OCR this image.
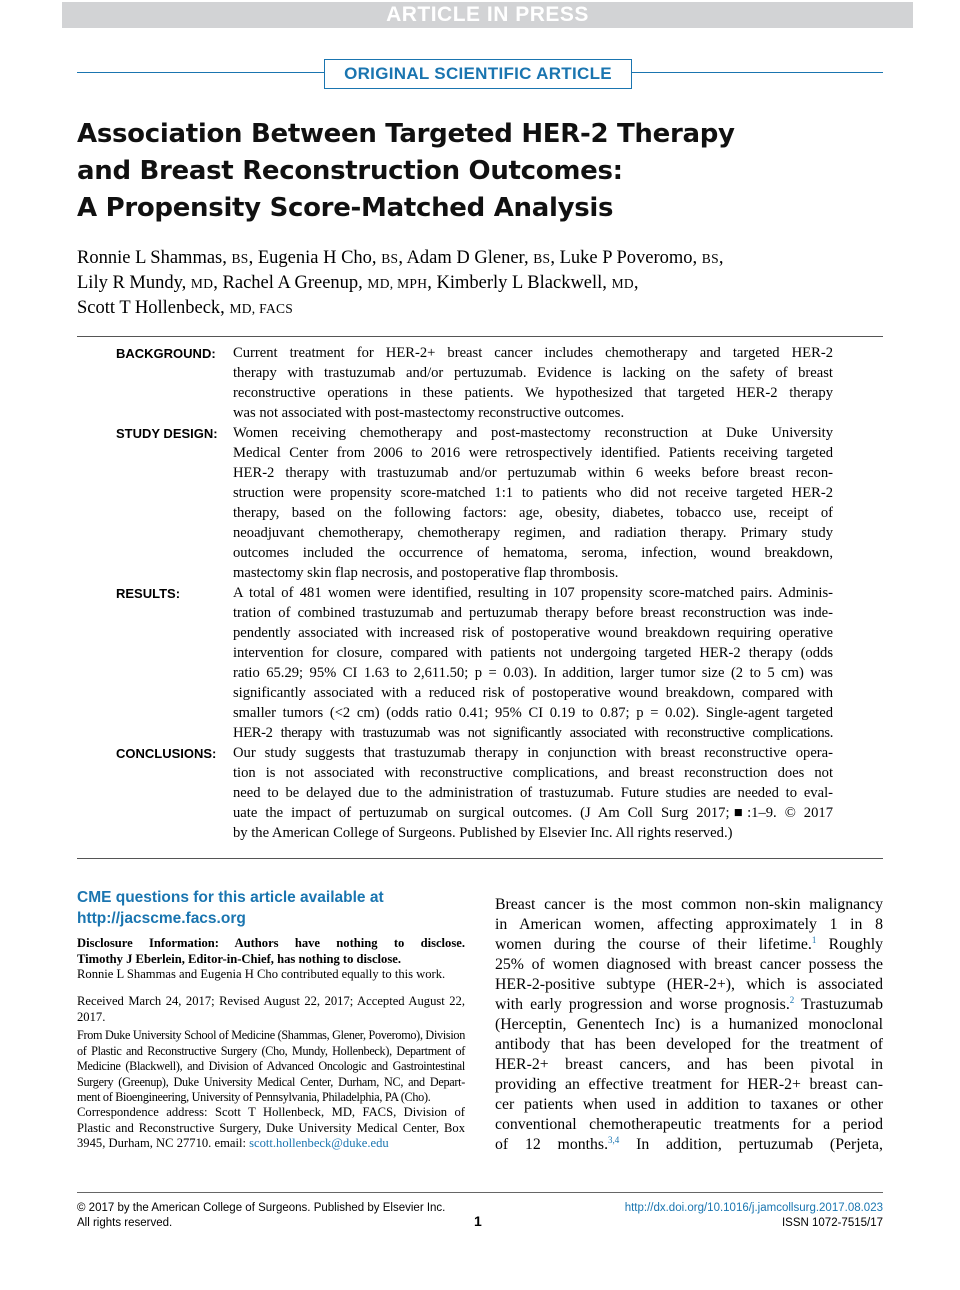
ARTICLE IN PRESS
ORIGINAL SCIENTIFIC ARTICLE
Association Between Targeted HER-2 Therapy
and Breast Reconstruction Outcomes:
A Propensity Score-Matched Analysis
Ronnie L Shammas, BS, Eugenia H Cho, BS, Adam D Glener, BS, Luke P Poveromo, BS,
Lily R Mundy, MD, Rachel A Greenup, MD, MPH, Kimberly L Blackwell, MD,
Scott T Hollenbeck, MD, FACS
BACKGROUND: Current treatment for HER-2+ breast cancer includes chemotherapy and targeted HER-2
therapy with trastuzumab and/or pertuzumab. Evidence is lacking on the safety of breast
reconstructive operations in these patients. We hypothesized that targeted HER-2 therapy
was not associated with post-mastectomy reconstructive outcomes.
STUDY DESIGN: Women receiving chemotherapy and post-mastectomy reconstruction at Duke University
Medical Center from 2006 to 2016 were retrospectively identified. Patients receiving targeted
HER-2 therapy with trastuzumab and/or pertuzumab within 6 weeks before breast recon-
struction were propensity score-matched 1:1 to patients who did not receive targeted HER-2
therapy, based on the following factors: age, obesity, diabetes, tobacco use, receipt of
neoadjuvant chemotherapy, chemotherapy regimen, and radiation therapy. Primary study
outcomes included the occurrence of hematoma, seroma, infection, wound breakdown,
mastectomy skin flap necrosis, and postoperative flap thrombosis.
RESULTS:	A total of 481 women were identified, resulting in 107 propensity score-matched pairs. Adminis-
tration of combined trastuzumab and pertuzumab therapy before breast reconstruction was inde-
pendently associated with increased risk of postoperative wound breakdown requiring operative
intervention for closure, compared with patients not undergoing targeted HER-2 therapy (odds
ratio 65.29; 95% CI 1.63 to 2,611.50; p = 0.03). In addition, larger tumor size (2 to 5 cm) was
significantly associated with a reduced risk of postoperative wound breakdown, compared with
smaller tumors (<2 cm) (odds ratio 0.41; 95% CI 0.19 to 0.87; p = 0.02). Single-agent targeted
HER-2 therapy with trastuzumab was not significantly associated with reconstructive complications.
CONCLUSIONS: Our study suggests that trastuzumab therapy in conjunction with breast reconstructive opera-
tion is not associated with reconstructive complications, and breast reconstruction does not
need to be delayed due to the administration of trastuzumab. Future studies are needed to eval-
uate the impact of pertuzumab on surgical outcomes. (J Am Coll Surg 2017;■:1–9. © 2017
by the American College of Surgeons. Published by Elsevier Inc. All rights reserved.)
CME questions for this article available at
http://jacscme.facs.org
Disclosure Information: Authors have nothing to disclose.
Timothy J Eberlein, Editor-in-Chief, has nothing to disclose.
Ronnie L Shammas and Eugenia H Cho contributed equally to this work.
Received March 24, 2017; Revised August 22, 2017; Accepted August 22,
2017.
From Duke University School of Medicine (Shammas, Glener, Poveromo), Division
of Plastic and Reconstructive Surgery (Cho, Mundy, Hollenbeck), Department of
Medicine (Blackwell), and Division of Advanced Oncologic and Gastrointestinal
Surgery (Greenup), Duke University Medical Center, Durham, NC, and Depart-
ment of Bioengineering, University of Pennsylvania, Philadelphia, PA (Cho).
Correspondence address: Scott T Hollenbeck, MD, FACS, Division of
Plastic and Reconstructive Surgery, Duke University Medical Center, Box
3945, Durham, NC 27710. email: scott.hollenbeck@duke.edu
Breast cancer is the most common non-skin malignancy
in American women, affecting approximately 1 in 8
women during the course of their lifetime.$^1$ Roughly
25% of women diagnosed with breast cancer possess the
HER-2-positive subtype (HER-2+), which is associated
with early progression and worse prognosis.$^2$ Trastuzumab
(Herceptin, Genentech Inc) is a humanized monoclonal
antibody that has been developed for the treatment of
HER-2+ breast cancers, and has been pivotal in
providing an effective treatment for HER-2+ breast can-
cer patients when used in addition to taxanes or other
conventional chemotherapeutic treatments for a period
of 12 months.$^{3,4}$ In addition, pertuzumab (Perjeta,
© 2017 by the American College of Surgeons. Published by Elsevier Inc.
All rights reserved.	1
http://dx.doi.org/10.1016/j.jamcollsurg.2017.08.023
ISSN 1072-7515/17
